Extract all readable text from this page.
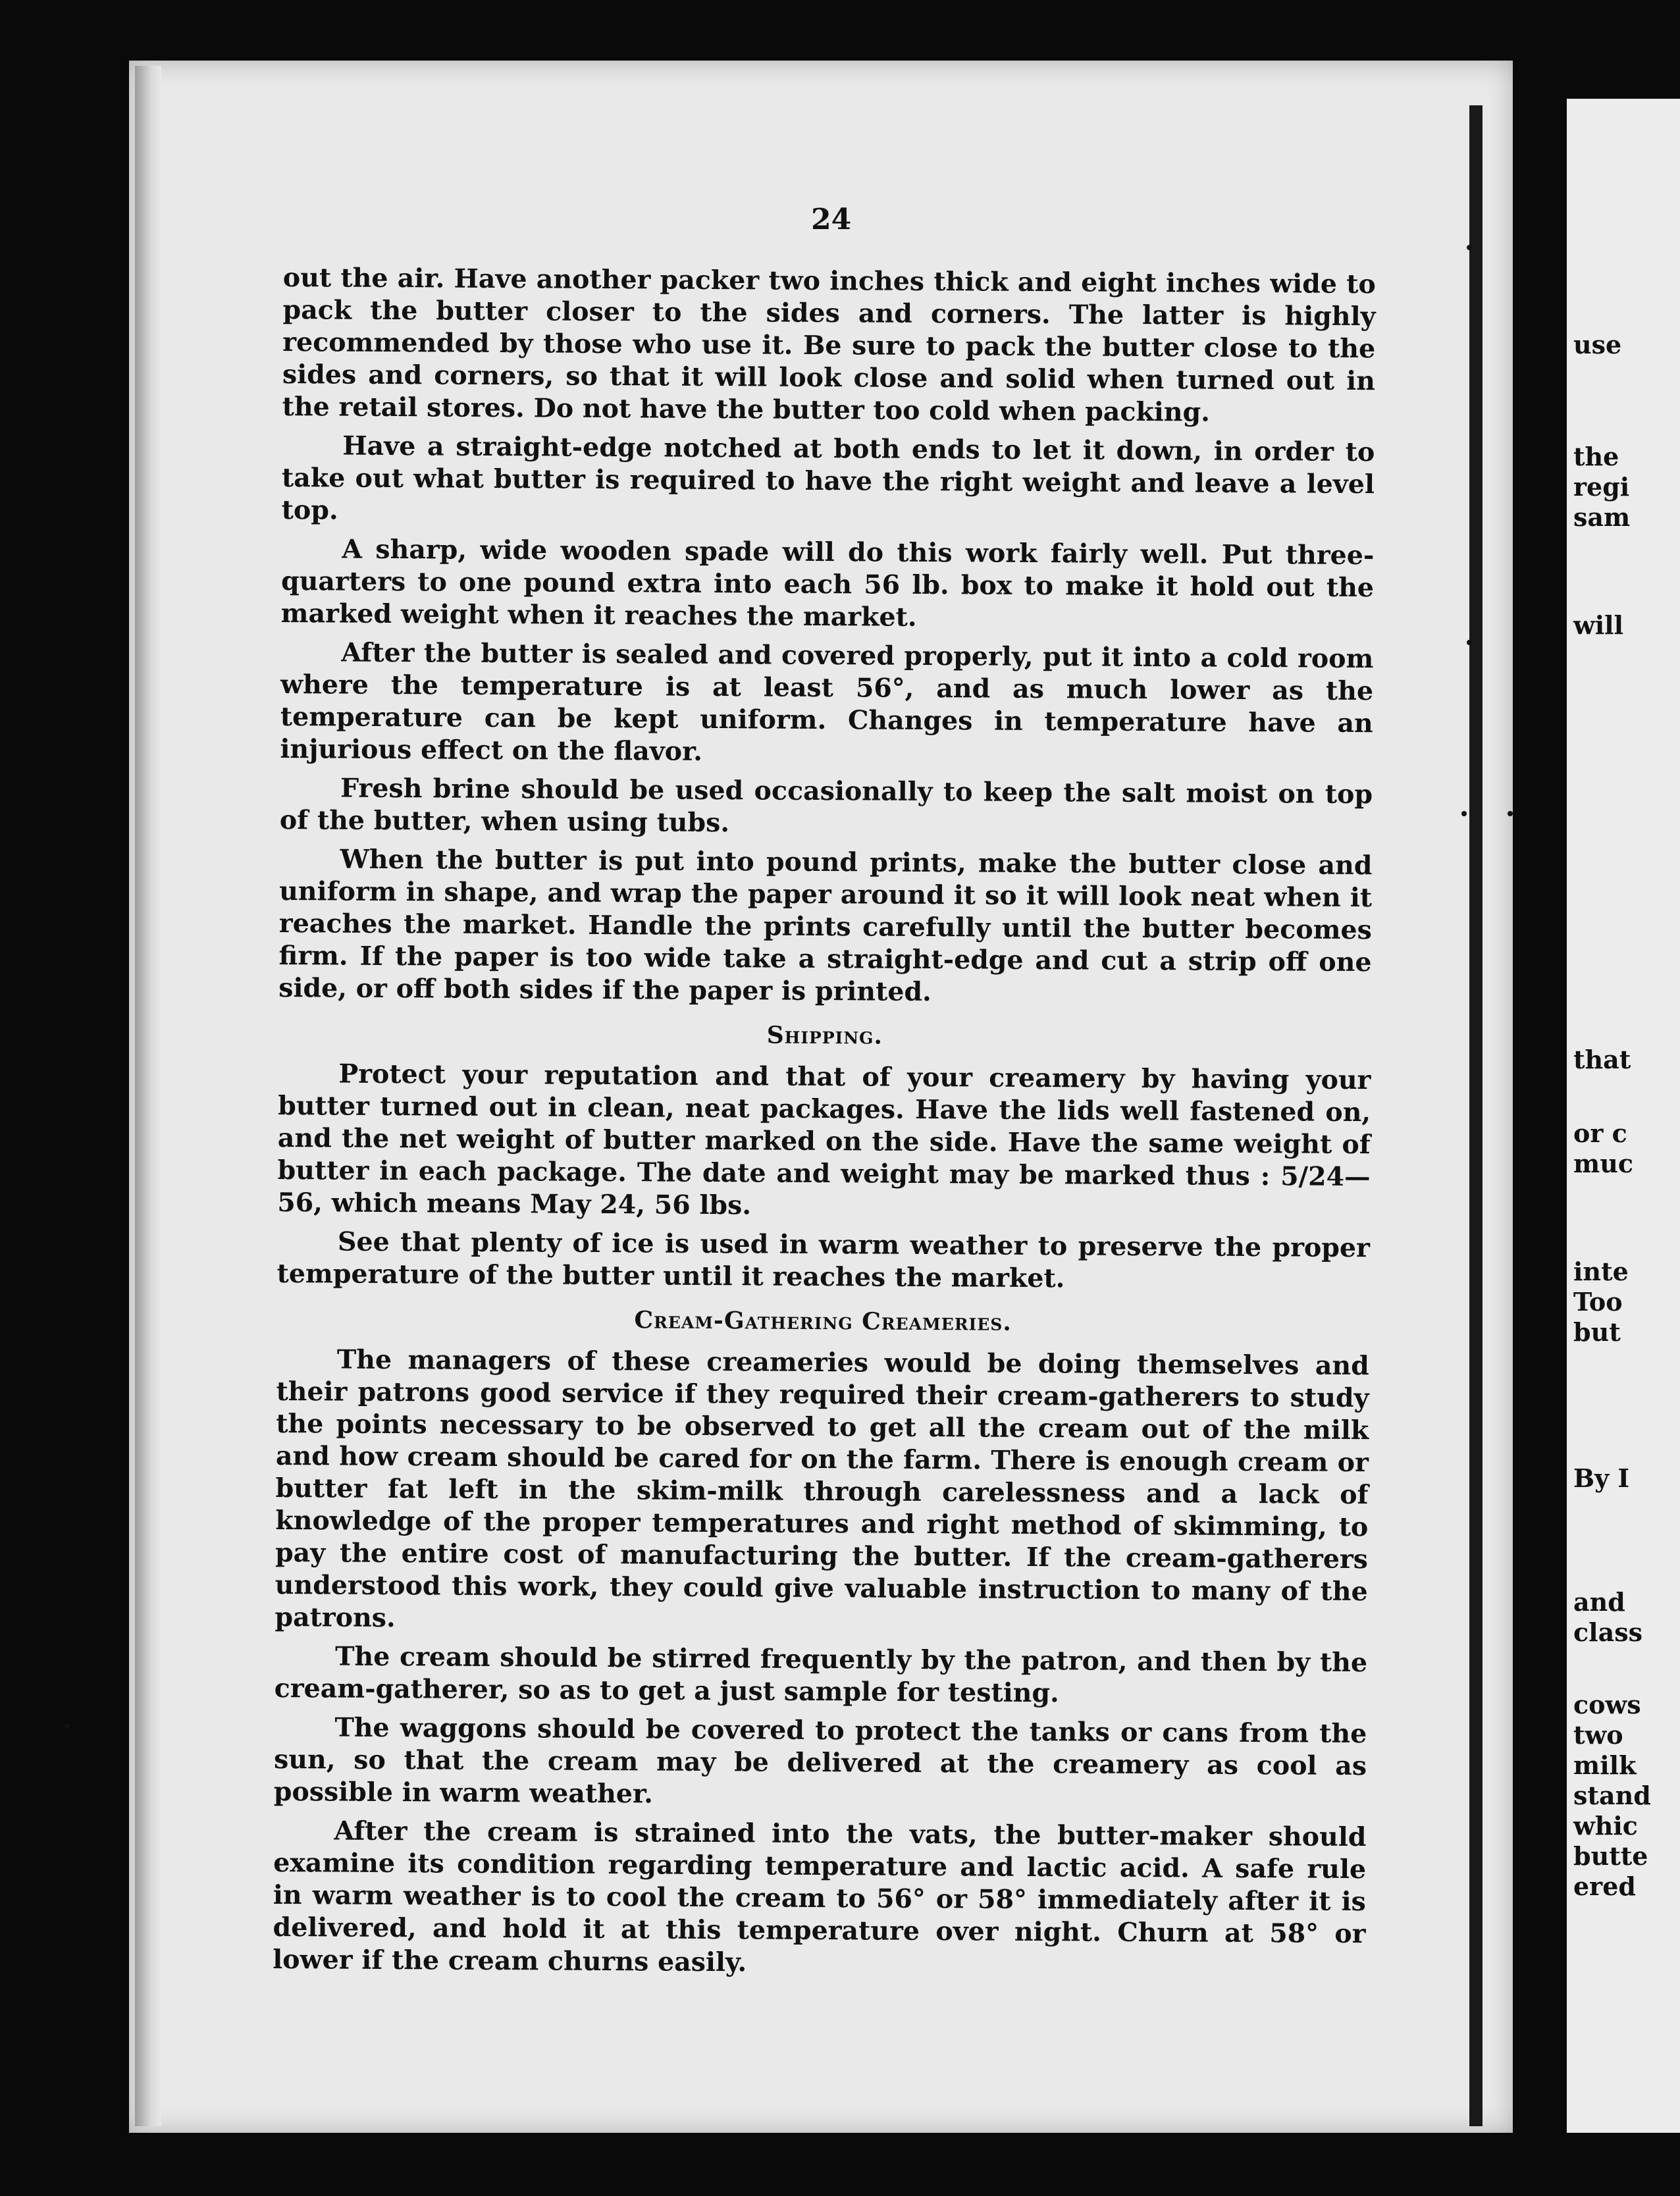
24

out the air. Have another packer two inches thick and eight inches wide to pack the butter closer to the sides and corners. The latter is highly recommended by those who use it. Be sure to pack the butter close to the sides and corners, so that it will look close and solid when turned out in the retail stores. Do not have the butter too cold when packing.

Have a straight-edge notched at both ends to let it down, in order to take out what butter is required to have the right weight and leave a level top.

A sharp, wide wooden spade will do this work fairly well. Put three-quarters to one pound extra into each 56 lb. box to make it hold out the marked weight when it reaches the market.

After the butter is sealed and covered properly, put it into a cold room where the temperature is at least 56°, and as much lower as the temperature can be kept uniform. Changes in temperature have an injurious effect on the flavor.

Fresh brine should be used occasionally to keep the salt moist on top of the butter, when using tubs.

When the butter is put into pound prints, make the butter close and uniform in shape, and wrap the paper around it so it will look neat when it reaches the market. Handle the prints carefully until the butter becomes firm. If the paper is too wide take a straight-edge and cut a strip off one side, or off both sides if the paper is printed.

Shipping.

Protect your reputation and that of your creamery by having your butter turned out in clean, neat packages. Have the lids well fastened on, and the net weight of butter marked on the side. Have the same weight of butter in each package. The date and weight may be marked thus : 5/24—56, which means May 24, 56 lbs.

See that plenty of ice is used in warm weather to preserve the proper temperature of the butter until it reaches the market.

Cream-Gathering Creameries.

The managers of these creameries would be doing themselves and their patrons good service if they required their cream-gatherers to study the points necessary to be observed to get all the cream out of the milk and how cream should be cared for on the farm. There is enough cream or butter fat left in the skim-milk through carelessness and a lack of knowledge of the proper temperatures and right method of skimming, to pay the entire cost of manufacturing the butter. If the cream-gatherers understood this work, they could give valuable instruction to many of the patrons.

The cream should be stirred frequently by the patron, and then by the cream-gatherer, so as to get a just sample for testing.

The waggons should be covered to protect the tanks or cans from the sun, so that the cream may be delivered at the creamery as cool as possible in warm weather.

After the cream is strained into the vats, the butter-maker should examine its condition regarding temperature and lactic acid. A safe rule in warm weather is to cool the cream to 56° or 58° immediately after it is delivered, and hold it at this temperature over night. Churn at 58° or lower if the cream churns easily.

use
the
regi
sam
will
that
or c
muc
inte
Too
but
By I
and
class
cows
two
milk
stand
whic
butte
ered
